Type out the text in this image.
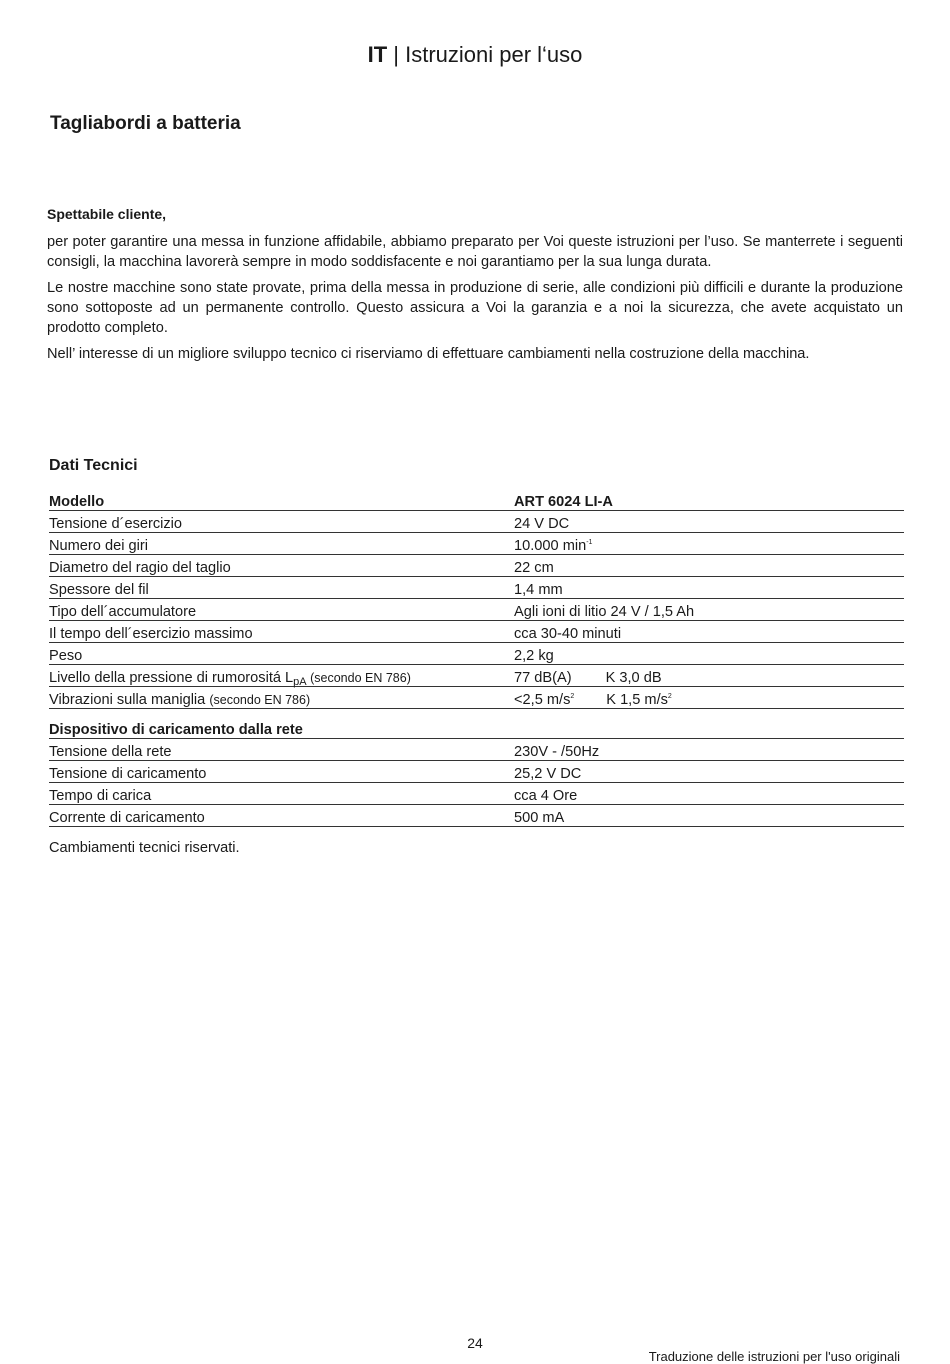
IT | Istruzioni per l‘uso
Tagliabordi a batteria
Spettabile cliente,

per poter garantire una messa in funzione affidabile, abbiamo preparato per Voi queste istruzioni per l’uso. Se manterrete i seguenti consigli, la macchina lavorerà sempre in modo soddisfacente e noi garantiamo per la sua lunga durata.

Le nostre macchine sono state provate, prima della messa in produzione di serie, alle condizioni più difficili e durante la produzione sono sottoposte ad un permanente controllo. Questo assicura a Voi la garanzia e a noi la sicurezza, che avete acquistato un prodotto completo.

Nell’ interesse di un migliore sviluppo tecnico ci riserviamo di effettuare cambiamenti nella costruzione della macchina.

Dati Tecnici
Modello	ART 6024 LI-A
Tensione d´esercizio	24 V DC
Numero dei giri	10.000 $\min^{-1}$
Diametro del ragio del taglio	22 cm
Spessore del fil	1,4 mm
Tipo dell´accumulatore	Agli ioni di litio 24 V / 1,5 Ah
Il tempo dell´esercizio massimo	cca 30-40 minuti
Peso	2,2 kg
Livello della pressione di rumorositá $L_{pA}$ (secondo EN 786)	77 dB(A) K 3,0 dB
Vibrazioni sulla maniglia (secondo EN 786)	<2,5 $m/s^2$ K 1,5 $m/s^2$

Dispositivo di caricamento dalla rete	
Tensione della rete	230V - /50Hz
Tensione di caricamento	25,2 V DC
Tempo di carica	cca 4 Ore
Corrente di caricamento	500 mA
Cambiamenti tecnici riservati.
24
Traduzione delle istruzioni per l'uso originali
